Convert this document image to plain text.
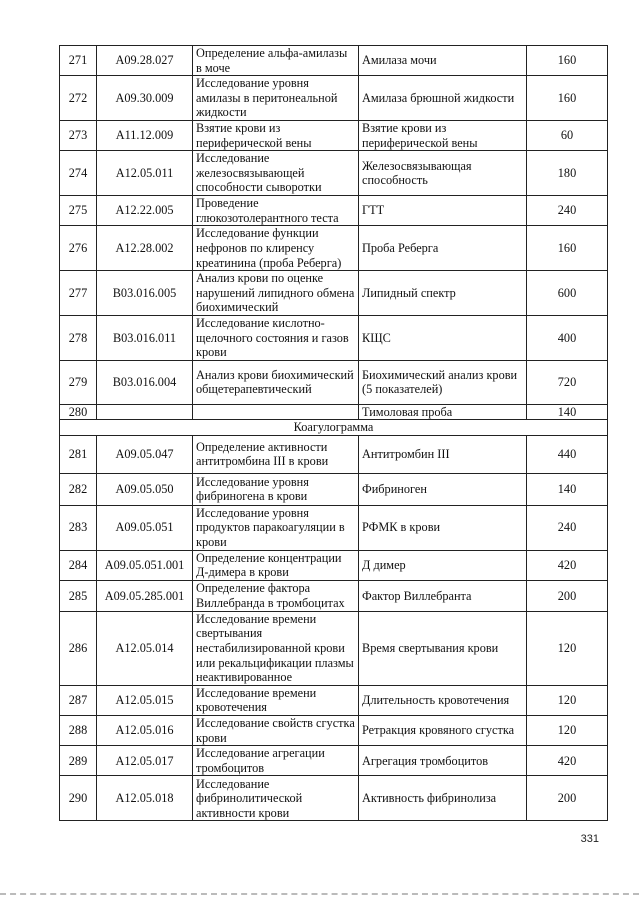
271	A09.28.027	Определение альфа-амилазы в моче	Амилаза мочи	160
272	A09.30.009	Исследование уровня амилазы в перитонеальной жидкости	Амилаза брюшной жидкости	160
273	A11.12.009	Взятие крови из периферической вены	Взятие крови из периферической вены	60
274	A12.05.011	Исследование железосвязывающей способности сыворотки	Железосвязывающая способность	180
275	A12.22.005	Проведение глюкозотолерантного теста	ГТТ	240
276	A12.28.002	Исследование функции нефронов по клиренсу креатинина (проба Реберга)	Проба Реберга	160
277	B03.016.005	Анализ крови по оценке нарушений липидного обмена биохимический	Липидный спектр	600
278	B03.016.011	Исследование кислотно-щелочного состояния и газов крови	КЩС	400
279	B03.016.004	Анализ крови биохимический общетерапевтический	Биохимический анализ крови (5 показателей)	720
280			Тимоловая проба	140
Коагулограмма				
281	A09.05.047	Определение активности антитромбина III в крови	Антитромбин III	440
282	A09.05.050	Исследование уровня фибриногена в крови	Фибриноген	140
283	A09.05.051	Исследование уровня продуктов паракоагуляции в крови	РФМК в крови	240
284	A09.05.051.001	Определение концентрации Д-димера в крови	Д димер	420
285	A09.05.285.001	Определение фактора Виллебранда в тромбоцитах	Фактор Виллебранта	200
286	A12.05.014	Исследование времени свертывания нестабилизированной крови или рекальцификации плазмы неактивированное	Время свертывания крови	120
287	A12.05.015	Исследование времени кровотечения	Длительность кровотечения	120
288	A12.05.016	Исследование свойств сгустка крови	Ретракция кровяного сгустка	120
289	A12.05.017	Исследование агрегации тромбоцитов	Агрегация тромбоцитов	420
290	A12.05.018	Исследование фибринолитической активности крови	Активность фибринолиза	200
331
